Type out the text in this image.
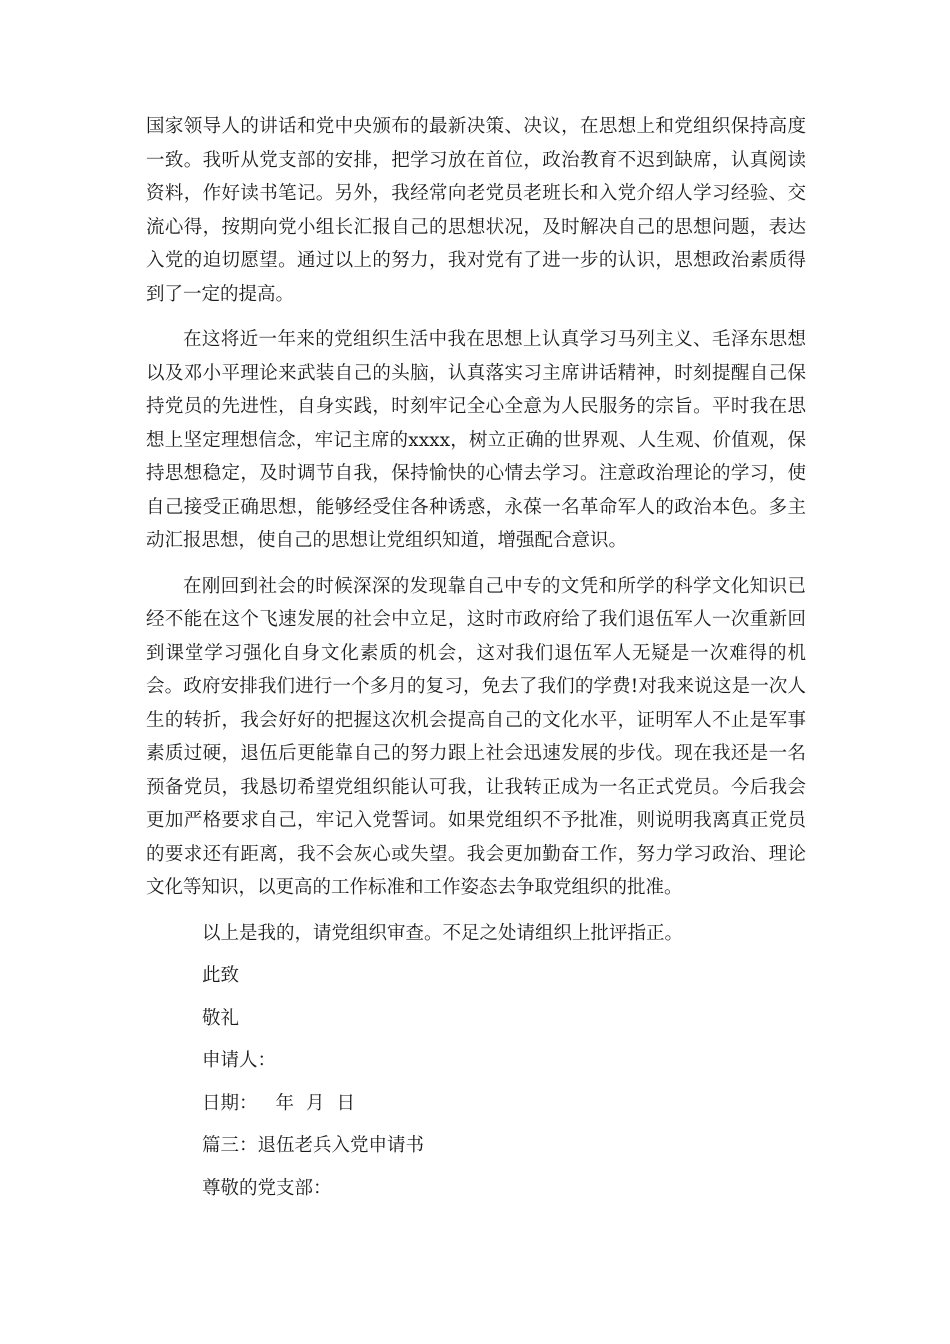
国家领导人的讲话和党中央颁布的最新决策、决议，在思想上和党组织保持高度一致。我听从党支部的安排，把学习放在首位，政治教育不迟到缺席，认真阅读资料，作好读书笔记。另外，我经常向老党员老班长和入党介绍人学习经验、交流心得，按期向党小组长汇报自己的思想状况，及时解决自己的思想问题，表达入党的迫切愿望。通过以上的努力，我对党有了进一步的认识，思想政治素质得到了一定的提高。

在这将近一年来的党组织生活中我在思想上认真学习马列主义、毛泽东思想以及邓小平理论来武装自己的头脑，认真落实习主席讲话精神，时刻提醒自己保持党员的先进性，自身实践，时刻牢记全心全意为人民服务的宗旨。平时我在思想上坚定理想信念，牢记主席的xxxx，树立正确的世界观、人生观、价值观，保持思想稳定，及时调节自我，保持愉快的心情去学习。注意政治理论的学习，使自己接受正确思想，能够经受住各种诱惑，永葆一名革命军人的政治本色。多主动汇报思想，使自己的思想让党组织知道，增强配合意识。

在刚回到社会的时候深深的发现靠自己中专的文凭和所学的科学文化知识已经不能在这个飞速发展的社会中立足，这时市政府给了我们退伍军人一次重新回到课堂学习强化自身文化素质的机会，这对我们退伍军人无疑是一次难得的机会。政府安排我们进行一个多月的复习，免去了我们的学费!对我来说这是一次人生的转折，我会好好的把握这次机会提高自己的文化水平，证明军人不止是军事素质过硬，退伍后更能靠自己的努力跟上社会迅速发展的步伐。现在我还是一名预备党员，我恳切希望党组织能认可我，让我转正成为一名正式党员。今后我会更加严格要求自己，牢记入党誓词。如果党组织不予批准，则说明我离真正党员的要求还有距离，我不会灰心或失望。我会更加勤奋工作，努力学习政治、理论文化等知识，以更高的工作标准和工作姿态去争取党组织的批准。

以上是我的，请党组织审查。不足之处请组织上批评指正。

此致

敬礼

申请人：

日期： 年 月 日

篇三：退伍老兵入党申请书

尊敬的党支部：
